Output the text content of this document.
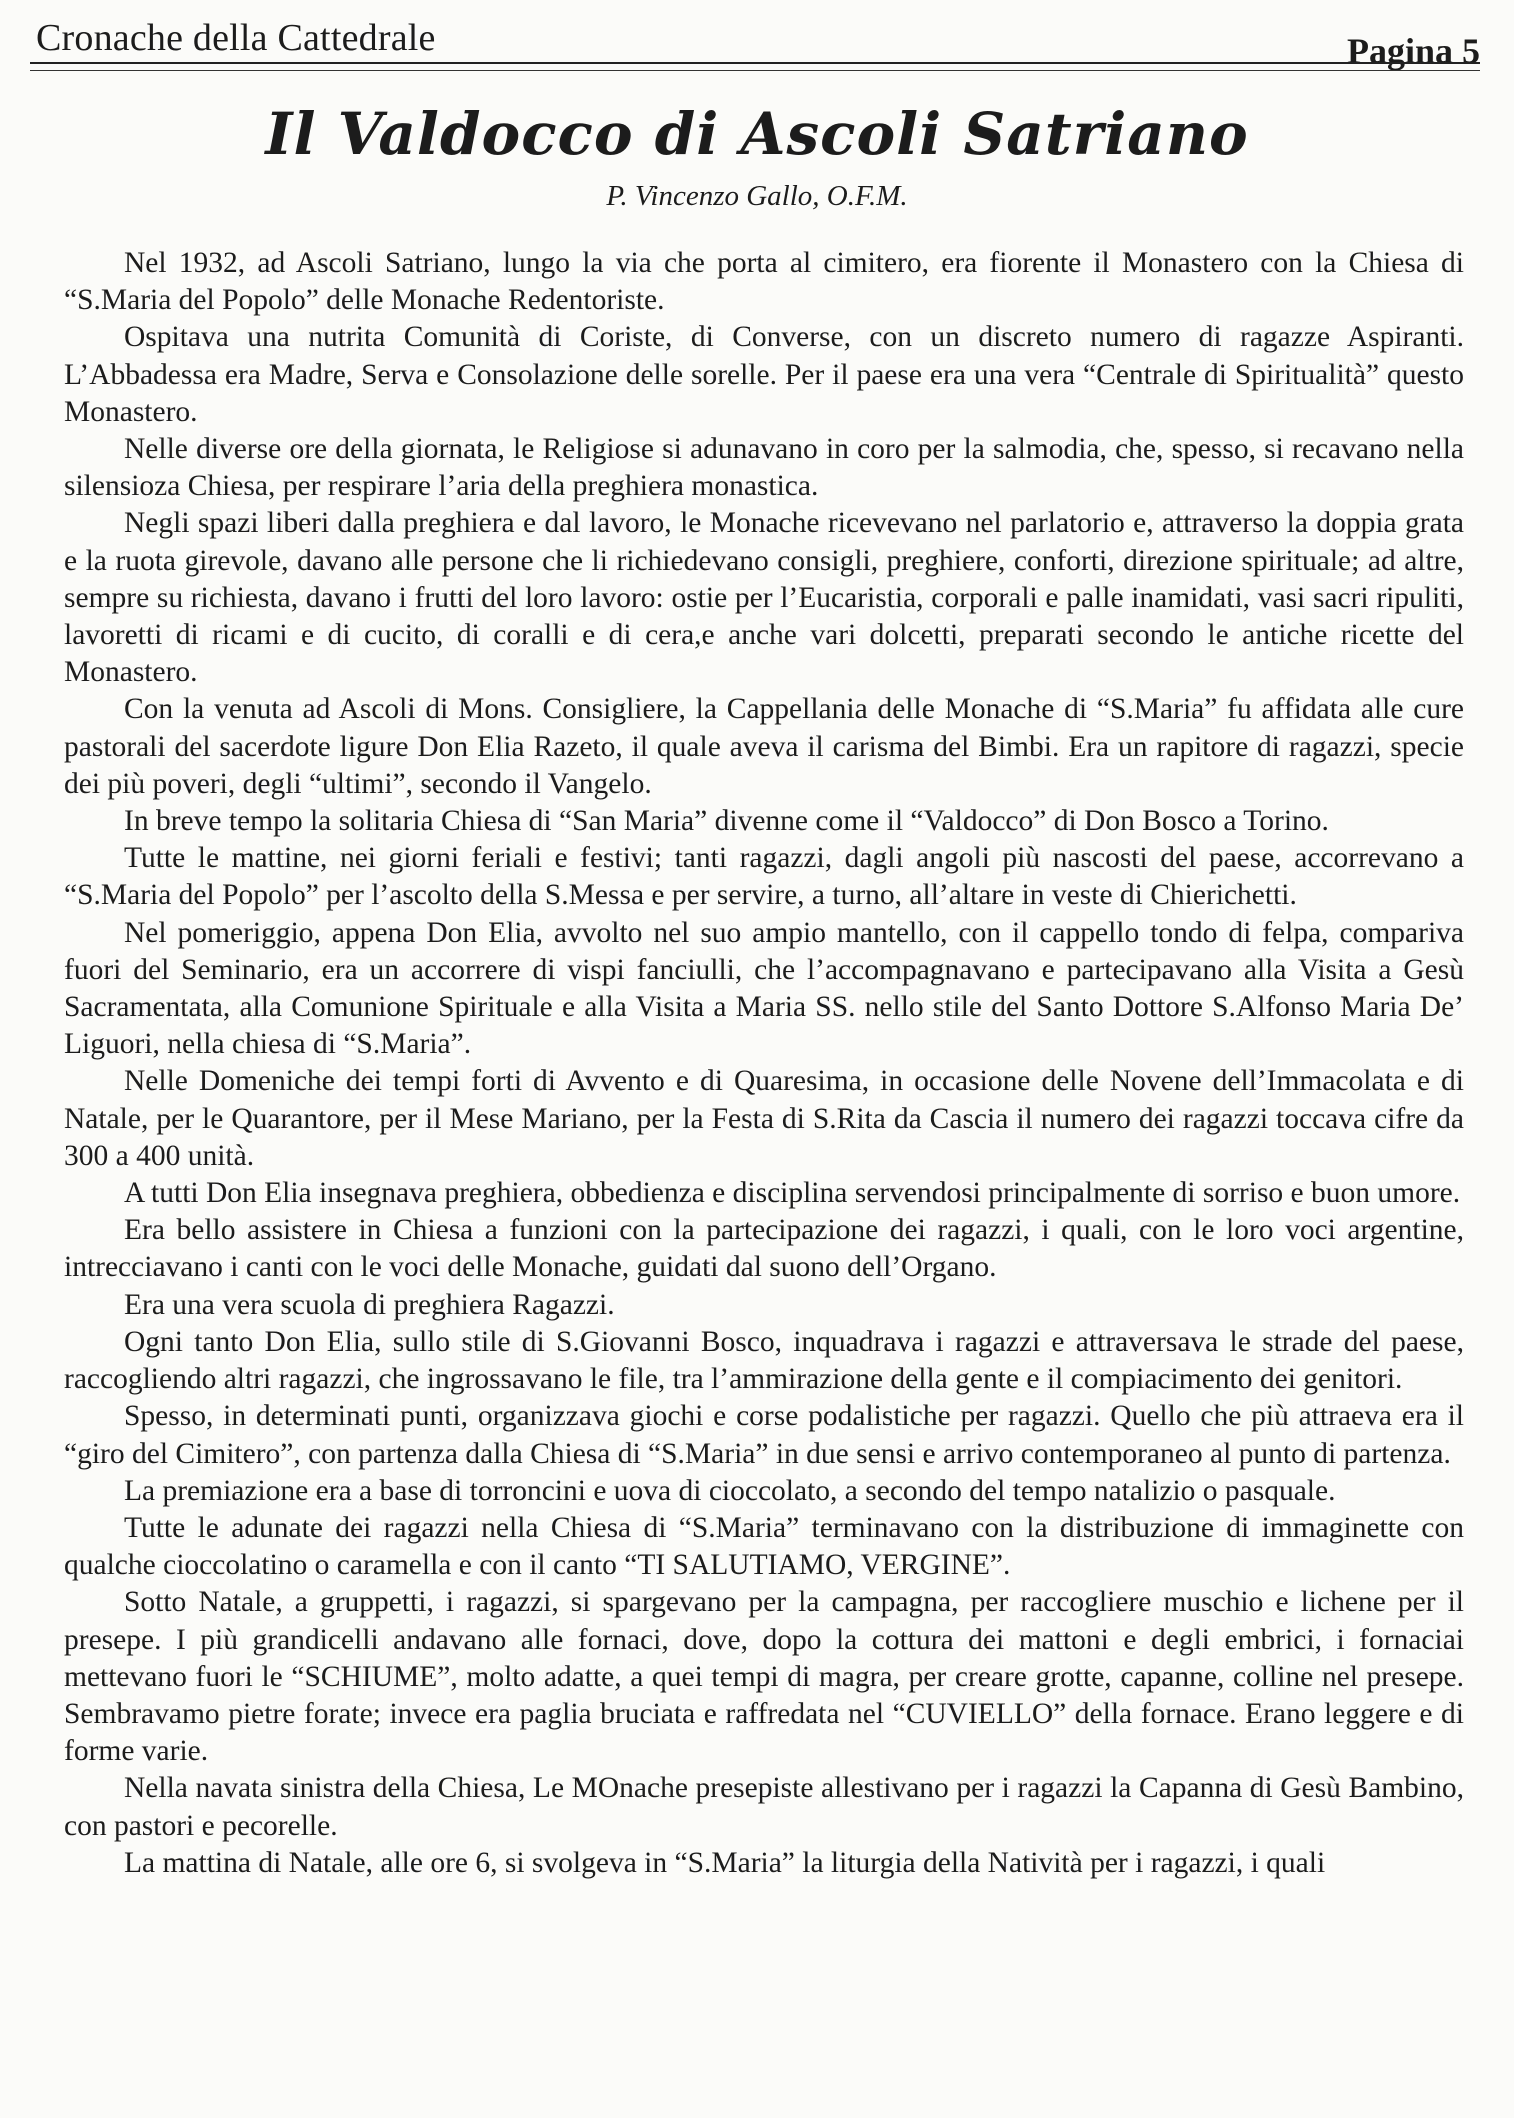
Cronache della Cattedrale	Pagina 5
Il Valdocco di Ascoli Satriano
P. Vincenzo Gallo, O.F.M.

Nel 1932, ad Ascoli Satriano, lungo la via che porta al cimitero, era fiorente il Monastero con la Chiesa di “S.Maria del Popolo” delle Monache Redentoriste.

Ospitava una nutrita Comunità di Coriste, di Converse, con un discreto numero di ragazze Aspiranti. L’Abbadessa era Madre, Serva e Consolazione delle sorelle. Per il paese era una vera “Centrale di Spiritualità” questo Monastero.

Nelle diverse ore della giornata, le Religiose si adunavano in coro per la salmodia, che, spesso, si recavano nella silensioza Chiesa, per respirare l’aria della preghiera monastica.

Negli spazi liberi dalla preghiera e dal lavoro, le Monache ricevevano nel parlatorio e, attraverso la doppia grata e la ruota girevole, davano alle persone che li richiedevano consigli, preghiere, conforti, direzione spirituale; ad altre, sempre su richiesta, davano i frutti del loro lavoro: ostie per l’Eucaristia, corporali e palle inamidati, vasi sacri ripuliti, lavoretti di ricami e di cucito, di coralli e di cera,e anche vari dolcetti, preparati secondo le antiche ricette del Monastero.

Con la venuta ad Ascoli di Mons. Consigliere, la Cappellania delle Monache di “S.Maria” fu affidata alle cure pastorali del sacerdote ligure Don Elia Razeto, il quale aveva il carisma del Bimbi. Era un rapitore di ragazzi, specie dei più poveri, degli “ultimi”, secondo il Vangelo.

In breve tempo la solitaria Chiesa di “San Maria” divenne come il “Valdocco” di Don Bosco a Torino.

Tutte le mattine, nei giorni feriali e festivi; tanti ragazzi, dagli angoli più nascosti del paese, accorrevano a “S.Maria del Popolo” per l’ascolto della S.Messa e per servire, a turno, all’altare in veste di Chierichetti.

Nel pomeriggio, appena Don Elia, avvolto nel suo ampio mantello, con il cappello tondo di felpa, compariva fuori del Seminario, era un accorrere di vispi fanciulli, che l’accompagnavano e partecipavano alla Visita a Gesù Sacramentata, alla Comunione Spirituale e alla Visita a Maria SS. nello stile del Santo Dottore S.Alfonso Maria De’ Liguori, nella chiesa di “S.Maria”.

Nelle Domeniche dei tempi forti di Avvento e di Quaresima, in occasione delle Novene dell’Immacolata e di Natale, per le Quarantore, per il Mese Mariano, per la Festa di S.Rita da Cascia il numero dei ragazzi toccava cifre da 300 a 400 unità.

A tutti Don Elia insegnava preghiera, obbedienza e disciplina servendosi principalmente di sorriso e buon umore.

Era bello assistere in Chiesa a funzioni con la partecipazione dei ragazzi, i quali, con le loro voci argentine, intrecciavano i canti con le voci delle Monache, guidati dal suono dell’Organo.

Era una vera scuola di preghiera Ragazzi.

Ogni tanto Don Elia, sullo stile di S.Giovanni Bosco, inquadrava i ragazzi e attraversava le strade del paese, raccogliendo altri ragazzi, che ingrossavano le file, tra l’ammirazione della gente e il compiacimento dei genitori.

Spesso, in determinati punti, organizzava giochi e corse podalistiche per ragazzi. Quello che più attraeva era il “giro del Cimitero”, con partenza dalla Chiesa di “S.Maria” in due sensi e arrivo contemporaneo al punto di partenza.

La premiazione era a base di torroncini e uova di cioccolato, a secondo del tempo natalizio o pasquale.

Tutte le adunate dei ragazzi nella Chiesa di “S.Maria” terminavano con la distribuzione di immaginette con qualche cioccolatino o caramella e con il canto “TI SALUTIAMO, VERGINE”.

Sotto Natale, a gruppetti, i ragazzi, si spargevano per la campagna, per raccogliere muschio e lichene per il presepe. I più grandicelli andavano alle fornaci, dove, dopo la cottura dei mattoni e degli embrici, i fornaciai mettevano fuori le “SCHIUME”, molto adatte, a quei tempi di magra, per creare grotte, capanne, colline nel presepe. Sembravamo pietre forate; invece era paglia bruciata e raffredata nel “CUVIELLO” della fornace. Erano leggere e di forme varie.

Nella navata sinistra della Chiesa, Le MOnache presepiste allestivano per i ragazzi la Capanna di Gesù Bambino, con pastori e pecorelle.

La mattina di Natale, alle ore 6, si svolgeva in “S.Maria” la liturgia della Natività per i ragazzi, i quali
